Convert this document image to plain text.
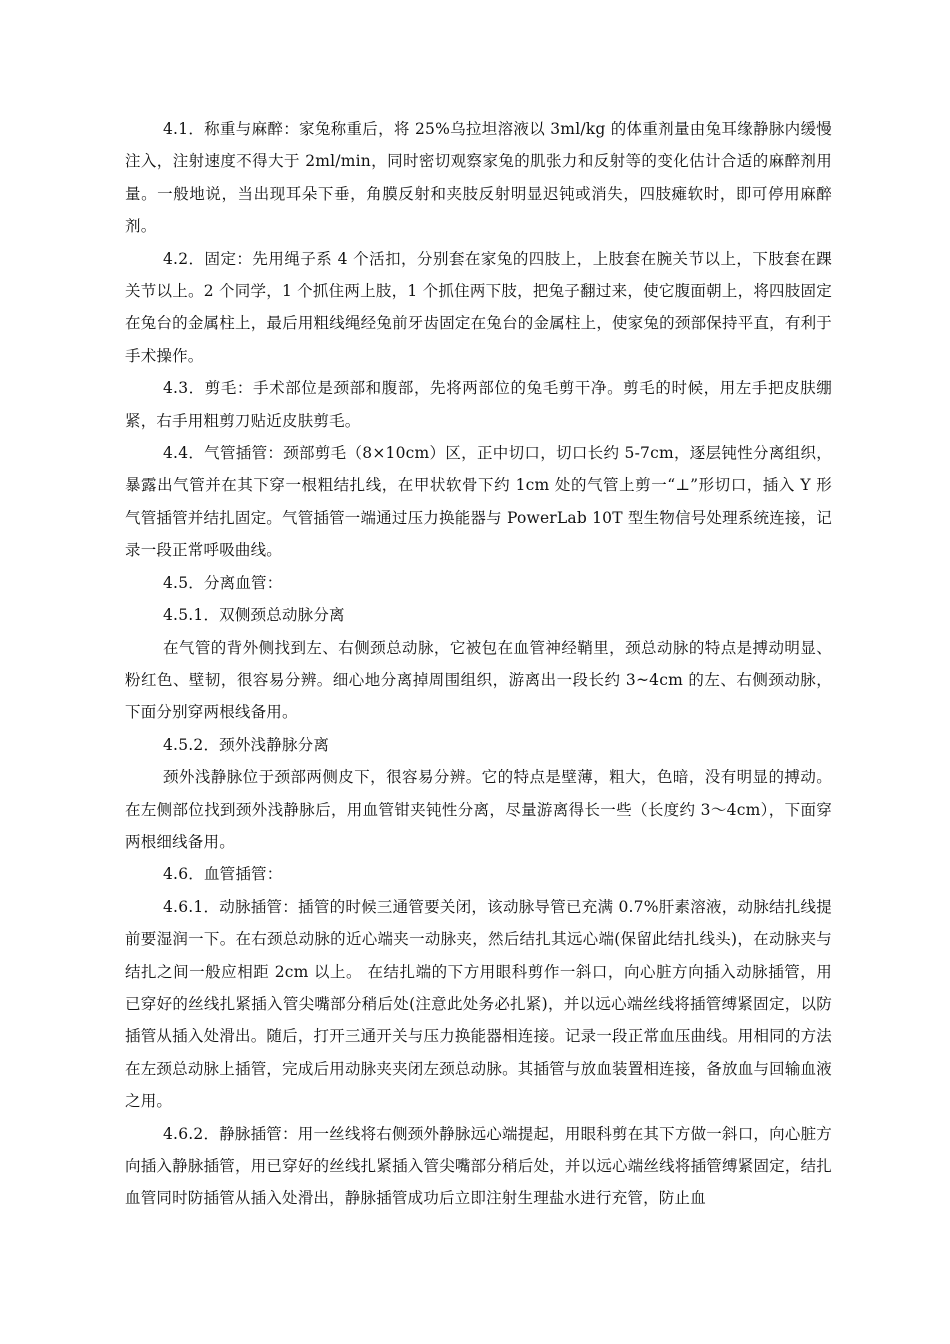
4.1．称重与麻醉：家兔称重后，将 25%乌拉坦溶液以 3ml/kg 的体重剂量由兔耳缘静脉内缓慢注入，注射速度不得大于 2ml/min，同时密切观察家兔的肌张力和反射等的变化估计合适的麻醉剂用量。一般地说，当出现耳朵下垂，角膜反射和夹肢反射明显迟钝或消失，四肢瘫软时，即可停用麻醉剂。

4.2．固定：先用绳子系 4 个活扣，分别套在家兔的四肢上，上肢套在腕关节以上，下肢套在踝关节以上。2 个同学，1 个抓住两上肢，1 个抓住两下肢，把兔子翻过来，使它腹面朝上，将四肢固定在兔台的金属柱上，最后用粗线绳经兔前牙齿固定在兔台的金属柱上，使家兔的颈部保持平直，有利于手术操作。

4.3．剪毛：手术部位是颈部和腹部，先将两部位的兔毛剪干净。剪毛的时候，用左手把皮肤绷紧，右手用粗剪刀贴近皮肤剪毛。

4.4．气管插管：颈部剪毛（8×10cm）区，正中切口，切口长约 5-7cm，逐层钝性分离组织，暴露出气管并在其下穿一根粗结扎线，在甲状软骨下约 1cm 处的气管上剪一“⊥”形切口，插入 Y 形气管插管并结扎固定。气管插管一端通过压力换能器与 PowerLab 10T 型生物信号处理系统连接，记录一段正常呼吸曲线。

4.5．分离血管：

4.5.1．双侧颈总动脉分离

在气管的背外侧找到左、右侧颈总动脉，它被包在血管神经鞘里，颈总动脉的特点是搏动明显、粉红色、壁韧，很容易分辨。细心地分离掉周围组织，游离出一段长约 3~4cm 的左、右侧颈动脉，下面分别穿两根线备用。

4.5.2．颈外浅静脉分离

颈外浅静脉位于颈部两侧皮下，很容易分辨。它的特点是壁薄，粗大，色暗，没有明显的搏动。在左侧部位找到颈外浅静脉后，用血管钳夹钝性分离，尽量游离得长一些（长度约 3～4cm），下面穿两根细线备用。

4.6．血管插管：

4.6.1．动脉插管：插管的时候三通管要关闭，该动脉导管已充满 0.7%肝素溶液，动脉结扎线提前要湿润一下。在右颈总动脉的近心端夹一动脉夹，然后结扎其远心端(保留此结扎线头)，在动脉夹与结扎之间一般应相距 2cm 以上。 在结扎端的下方用眼科剪作一斜口，向心脏方向插入动脉插管，用已穿好的丝线扎紧插入管尖嘴部分稍后处(注意此处务必扎紧)，并以远心端丝线将插管缚紧固定，以防插管从插入处滑出。随后，打开三通开关与压力换能器相连接。记录一段正常血压曲线。用相同的方法在左颈总动脉上插管，完成后用动脉夹夹闭左颈总动脉。其插管与放血装置相连接，备放血与回输血液之用。

4.6.2．静脉插管：用一丝线将右侧颈外静脉远心端提起，用眼科剪在其下方做一斜口，向心脏方向插入静脉插管，用已穿好的丝线扎紧插入管尖嘴部分稍后处，并以远心端丝线将插管缚紧固定，结扎血管同时防插管从插入处滑出，静脉插管成功后立即注射生理盐水进行充管，防止血
